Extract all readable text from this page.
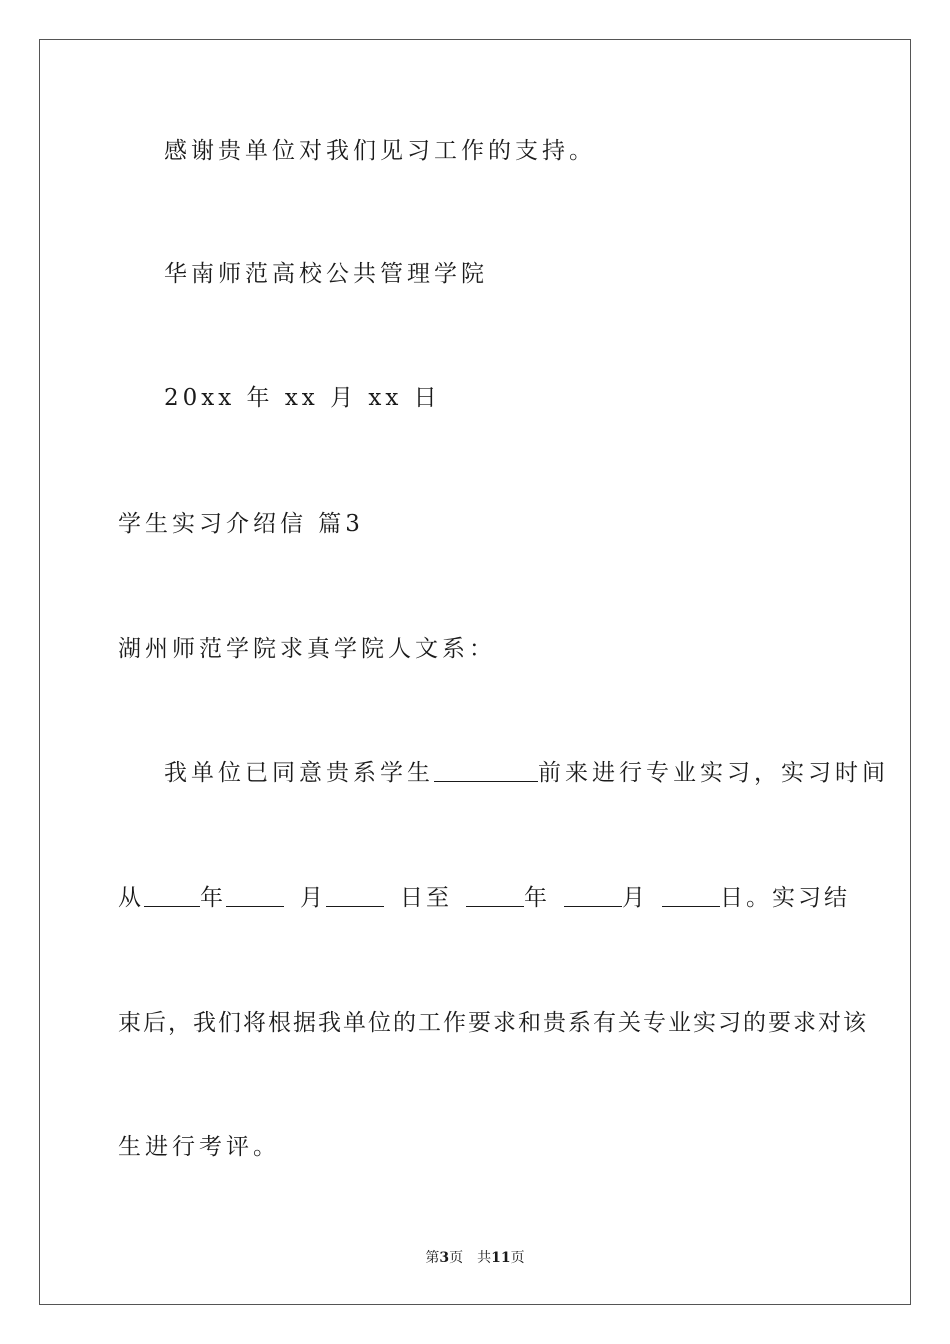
感谢贵单位对我们见习工作的支持。
华南师范高校公共管理学院
20xx 年 xx 月 xx 日
学生实习介绍信 篇3
湖州师范学院求真学院人文系：
我单位已同意贵系学生	前来进行专业实习，实习时间
从 年	月	日至	年	月	日。实习结
束后，我们将根据我单位的工作要求和贵系有关专业实习的要求对该
生进行考评。
第3页 共11页
